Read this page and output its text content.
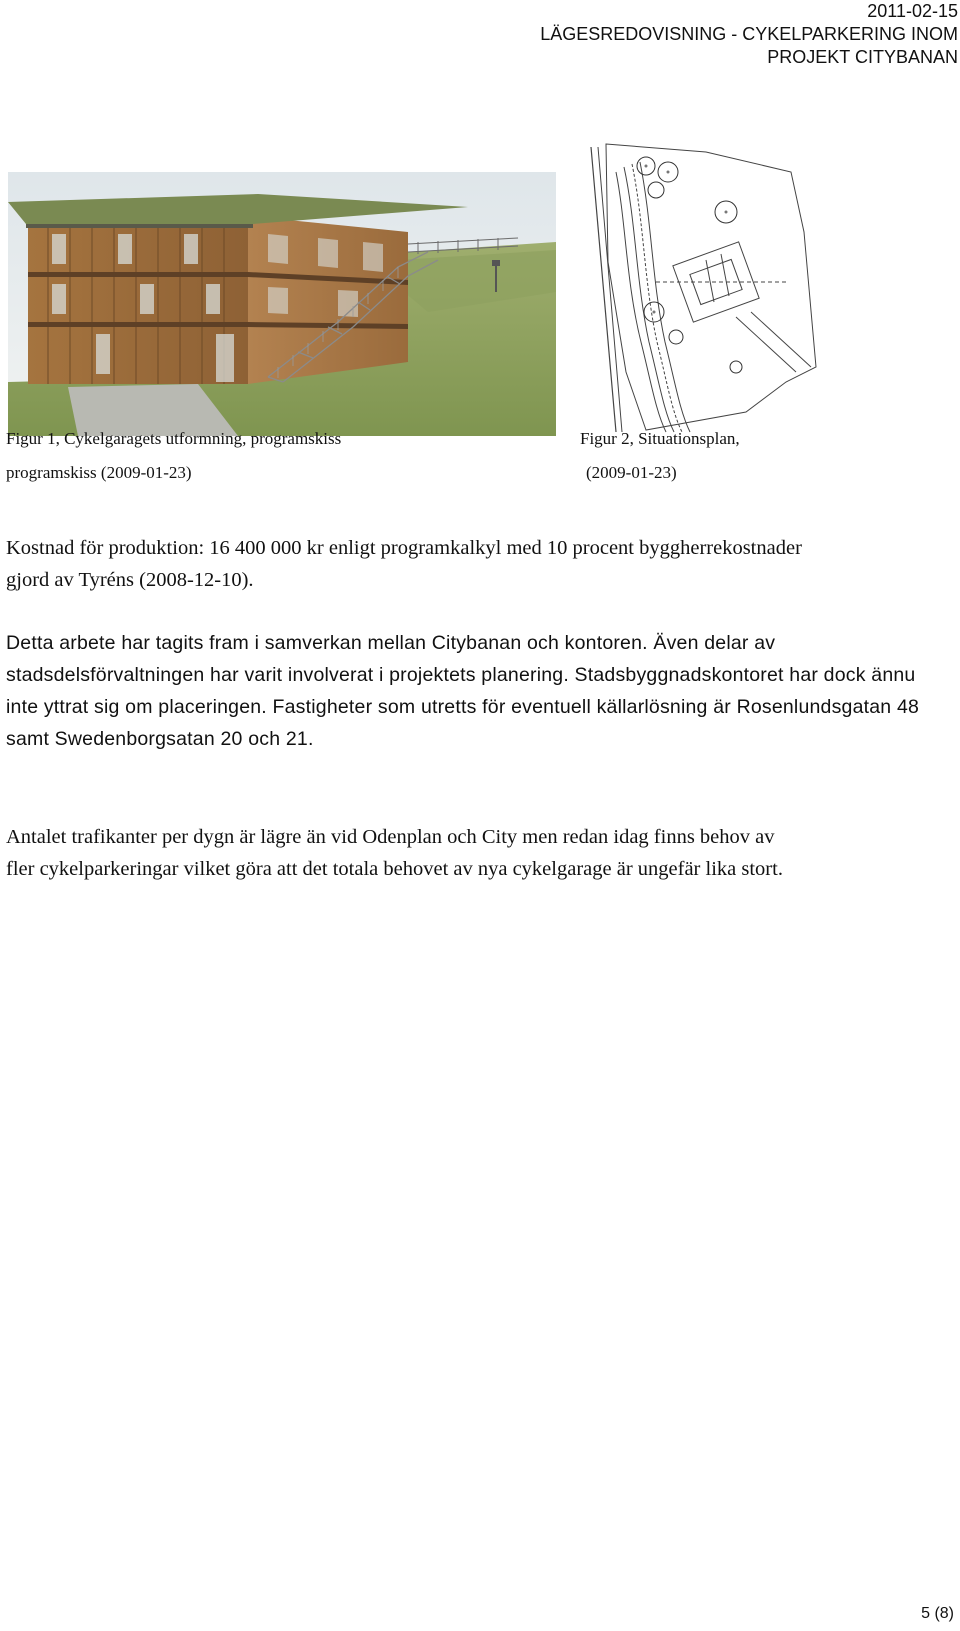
2011-02-15
LÄGESREDOVISNING - CYKELPARKERING INOM
PROJEKT CITYBANAN
Figur 1, Cykelgaragets utformning, programskiss	Figur 2, Situationsplan,
programskiss (2009-01-23)	(2009-01-23)

Kostnad för produktion: 16 400 000 kr enligt programkalkyl med 10 procent byggherrekostnader gjord av Tyréns (2008-12-10).

Detta arbete har tagits fram i samverkan mellan Citybanan och kontoren. Även delar av stadsdelsförvaltningen har varit involverat i projektets planering. Stadsbyggnadskontoret har dock ännu inte yttrat sig om placeringen. Fastigheter som utretts för eventuell källarlösning är Rosenlundsgatan 48 samt Swedenborgsatan 20 och 21.

Antalet trafikanter per dygn är lägre än vid Odenplan och City men redan idag finns behov av fler cykelparkeringar vilket göra att det totala behovet av nya cykelgarage är ungefär lika stort.

5 (8)
